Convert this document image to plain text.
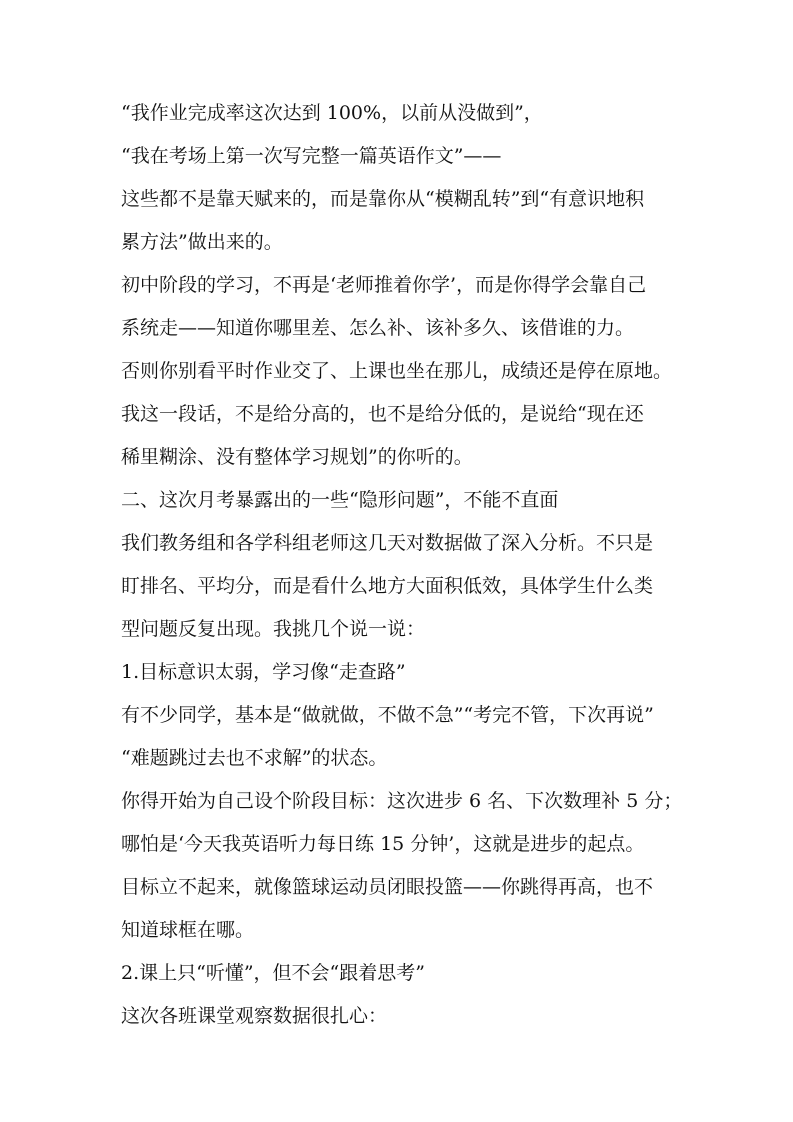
“我作业完成率这次达到 100%，以前从没做到”，
“我在考场上第一次写完整一篇英语作文”——
这些都不是靠天赋来的，而是靠你从“模糊乱转”到“有意识地积
累方法”做出来的。
初中阶段的学习，不再是‘老师推着你学’，而是你得学会靠自己
系统走——知道你哪里差、怎么补、该补多久、该借谁的力。
否则你别看平时作业交了、上课也坐在那儿，成绩还是停在原地。
我这一段话，不是给分高的，也不是给分低的，是说给“现在还
稀里糊涂、没有整体学习规划”的你听的。
二、这次月考暴露出的一些“隐形问题”，不能不直面
我们教务组和各学科组老师这几天对数据做了深入分析。不只是
盯排名、平均分，而是看什么地方大面积低效，具体学生什么类
型问题反复出现。我挑几个说一说：
1.目标意识太弱，学习像“走查路”
有不少同学，基本是“做就做，不做不急”“考完不管，下次再说”
“难题跳过去也不求解”的状态。
你得开始为自己设个阶段目标：这次进步 6 名、下次数理补 5 分；
哪怕是‘今天我英语听力每日练 15 分钟’，这就是进步的起点。
目标立不起来，就像篮球运动员闭眼投篮——你跳得再高，也不
知道球框在哪。
2.课上只“听懂”，但不会“跟着思考”
这次各班课堂观察数据很扎心：
